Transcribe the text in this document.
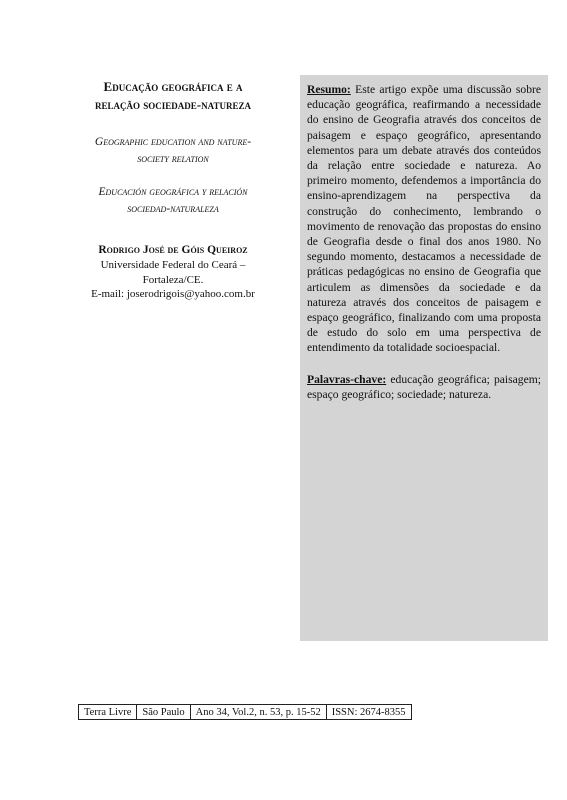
Educação geográfica e a
relação sociedade-natureza

Geographic education and nature-
society relation

Educación geográfica y relación
sociedad-naturaleza

Rodrigo José de Góis Queiroz
Universidade Federal do Ceará –
Fortaleza/CE.
E-mail: joserodrigois@yahoo.com.br

Resumo: Este artigo expõe uma discussão sobre educação geográfica, reafirmando a necessidade do ensino de Geografia através dos conceitos de paisagem e espaço geográfico, apresentando elementos para um debate através dos conteúdos da relação entre sociedade e natureza. Ao primeiro momento, defendemos a importância do ensino-aprendizagem na perspectiva da construção do conhecimento, lembrando o movimento de renovação das propostas do ensino de Geografia desde o final dos anos 1980. No segundo momento, destacamos a necessidade de práticas pedagógicas no ensino de Geografia que articulem as dimensões da sociedade e da natureza através dos conceitos de paisagem e espaço geográfico, finalizando com uma proposta de estudo do solo em uma perspectiva de entendimento da totalidade socioespacial.

Palavras-chave: educação geográfica; paisagem; espaço geográfico; sociedade; natureza.

Terra Livre	São Paulo	Ano 34, Vol.2, n. 53, p. 15-52	ISSN: 2674-8355
